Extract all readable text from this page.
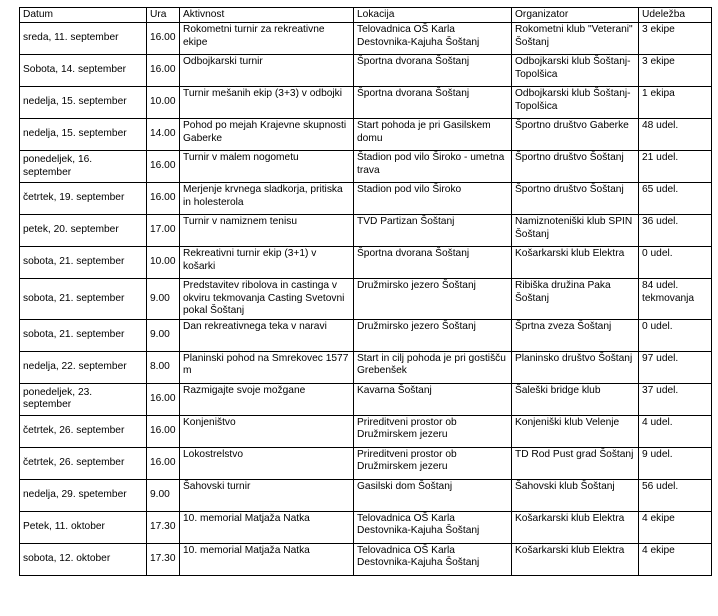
Datum	Ura	Aktivnost	Lokacija	Organizator	Udeležba
sreda, 11. september	16.00	Rokometni turnir za rekreativne ekipe	Telovadnica OŠ Karla Destovnika-Kajuha Šoštanj	Rokometni klub "Veterani" Šoštanj	3 ekipe
Sobota, 14. september	16.00	Odbojkarski turnir	Športna dvorana Šoštanj	Odbojkarski klub Šoštanj-Topolšica	3 ekipe
nedelja, 15. september	10.00	Turnir mešanih ekip (3+3) v odbojki	Športna dvorana Šoštanj	Odbojkarski klub Šoštanj-Topolšica	1 ekipa
nedelja, 15. september	14.00	Pohod po mejah Krajevne skupnosti Gaberke	Start pohoda je pri Gasilskem domu	Športno društvo Gaberke	48 udel.
ponedeljek, 16. september	16.00	Turnir v malem nogometu	Štadion pod vilo Široko - umetna trava	Športno društvo Šoštanj	21 udel.
četrtek, 19. september	16.00	Merjenje krvnega sladkorja, pritiska in holesterola	Stadion pod vilo Široko	Športno društvo Šoštanj	65 udel.
petek, 20. september	17.00	Turnir v namiznem tenisu	TVD Partizan Šoštanj	Namiznoteniški klub SPIN Šoštanj	36 udel.
sobota, 21. september	10.00	Rekreativni turnir ekip (3+1) v košarki	Športna dvorana Šoštanj	Košarkarski klub Elektra	0 udel.
sobota, 21. september	9.00	Predstavitev ribolova in castinga v okviru tekmovanja Casting Svetovni pokal Šoštanj	Družmirsko jezero Šoštanj	Ribiška družina Paka Šoštanj	84 udel. tekmovanja
sobota, 21. september	9.00	Dan rekreativnega teka v naravi	Družmirsko jezero Šoštanj	Šprtna zveza Šoštanj	0 udel.
nedelja, 22. september	8.00	Planinski pohod na Smrekovec 1577 m	Start in cilj pohoda je pri gostišču Grebenšek	Planinsko društvo Šoštanj	97 udel.
ponedeljek, 23. september	16.00	Razmigajte svoje možgane	Kavarna Šoštanj	Šaleški bridge klub	37 udel.
četrtek, 26. september	16.00	Konjeništvo	Prireditveni prostor ob Družmirskem jezeru	Konjeniški klub Velenje	4 udel.
četrtek, 26. september	16.00	Lokostrelstvo	Prireditveni prostor ob Družmirskem jezeru	TD Rod Pust grad Šoštanj	9 udel.
nedelja, 29. spetember	9.00	Šahovski turnir	Gasilski dom Šoštanj	Šahovski klub Šoštanj	56 udel.
Petek, 11. oktober	17.30	10. memorial Matjaža Natka	Telovadnica OŠ Karla Destovnika-Kajuha Šoštanj	Košarkarski klub Elektra	4 ekipe
sobota, 12. oktober	17.30	10. memorial Matjaža Natka	Telovadnica OŠ Karla Destovnika-Kajuha Šoštanj	Košarkarski klub Elektra	4 ekipe
